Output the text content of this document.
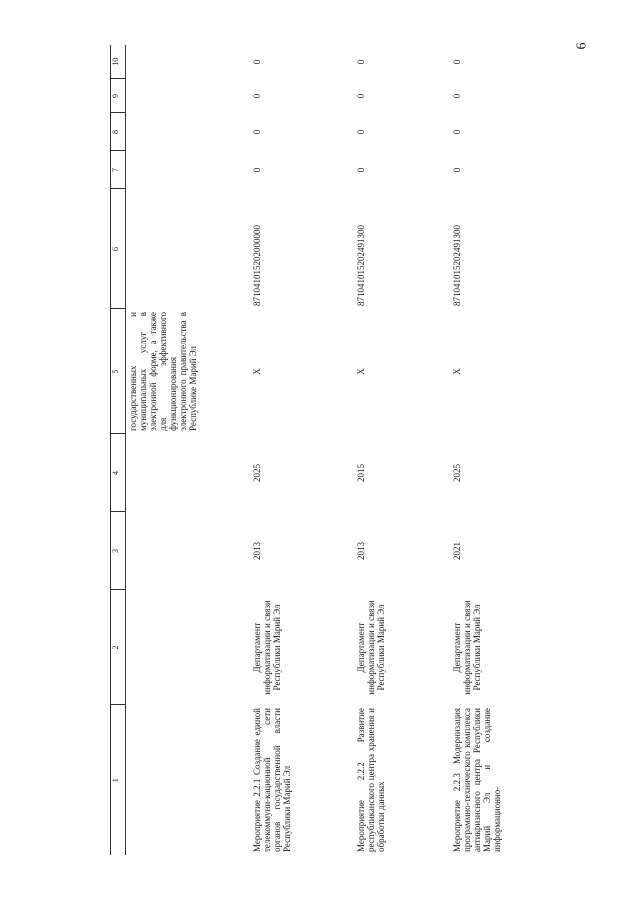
6
1	2	3	4	5	6	7	8	9	10
				государственных и муниципальных услуг в электронной форме, а также для эффективного функционирования электронного правительства в Республике Марий Эл					
Мероприятие 2.2.1 Создание единой телекоммуни-кационной сети органов государственной власти Республики Марий Эл	Департамент информатизации и связи Республики Марий Эл	2013	2025	Х	871041015202000000	0	0	0	0
Мероприятие 2.2.2 Развитие республиканского центра хранения и обработки данных	Департамент информатизации и связи Республики Марий Эл	2013	2015	Х	871041015202491300	0	0	0	0
Мероприятие 2.2.3 Модернизация программно-технического комплекса антикризисного центра Республики Марий Эл и создание информационно-	Департамент информатизации и связи Республики Марий Эл	2021	2025	Х	871041015202491300	0	0	0	0
